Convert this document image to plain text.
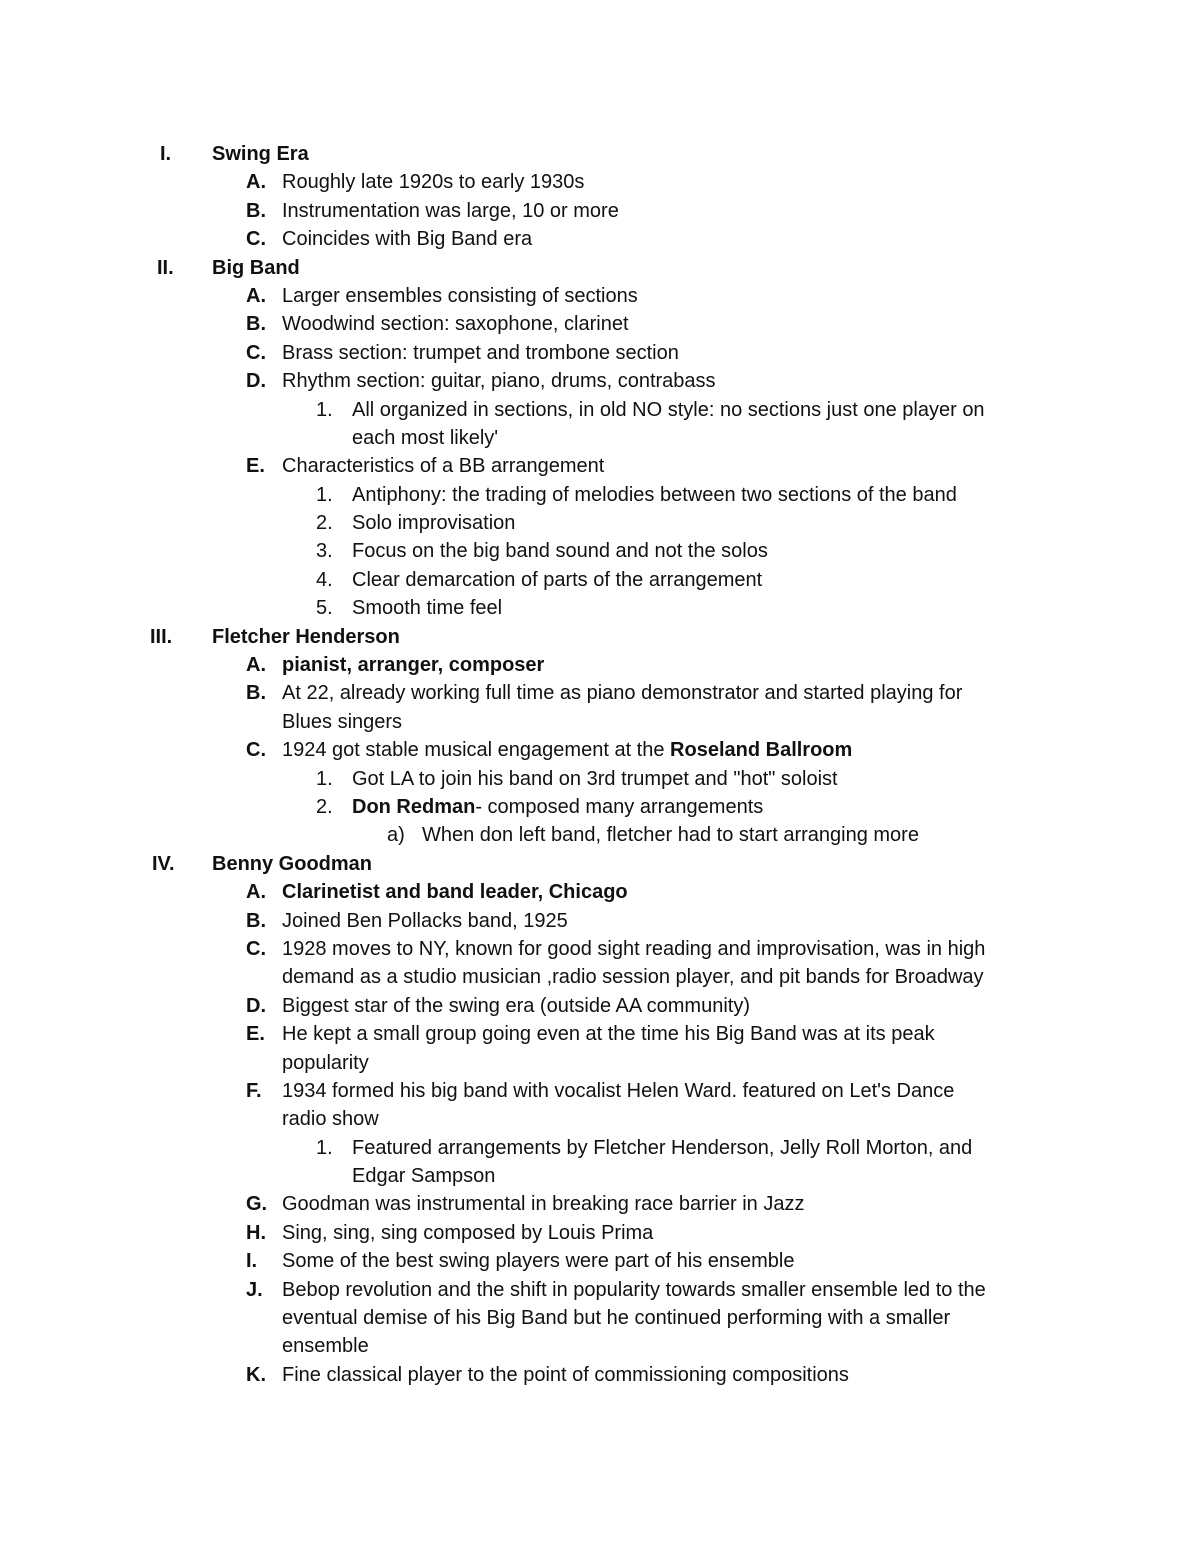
I. Swing Era
A. Roughly late 1920s to early 1930s
B. Instrumentation was large, 10 or more
C. Coincides with Big Band era
II. Big Band
A. Larger ensembles consisting of sections
B. Woodwind section: saxophone, clarinet
C. Brass section: trumpet and trombone section
D. Rhythm section: guitar, piano, drums, contrabass
1. All organized in sections, in old NO style: no sections just one player on
each most likely'
E. Characteristics of a BB arrangement
1. Antiphony: the trading of melodies between two sections of the band
2. Solo improvisation
3. Focus on the big band sound and not the solos
4. Clear demarcation of parts of the arrangement
5. Smooth time feel
III. Fletcher Henderson
A. pianist, arranger, composer
B. At 22, already working full time as piano demonstrator and started playing for
Blues singers
C. 1924 got stable musical engagement at the Roseland Ballroom
1. Got LA to join his band on 3rd trumpet and "hot" soloist
2. Don Redman- composed many arrangements
a) When don left band, fletcher had to start arranging more
IV. Benny Goodman
A. Clarinetist and band leader, Chicago
B. Joined Ben Pollacks band, 1925
C. 1928 moves to NY, known for good sight reading and improvisation, was in high
demand as a studio musician ,radio session player, and pit bands for Broadway
D. Biggest star of the swing era (outside AA community)
E. He kept a small group going even at the time his Big Band was at its peak
popularity
F. 1934 formed his big band with vocalist Helen Ward. featured on Let's Dance
radio show
1. Featured arrangements by Fletcher Henderson, Jelly Roll Morton, and
Edgar Sampson
G. Goodman was instrumental in breaking race barrier in Jazz
H. Sing, sing, sing composed by Louis Prima
I. Some of the best swing players were part of his ensemble
J. Bebop revolution and the shift in popularity towards smaller ensemble led to the
eventual demise of his Big Band but he continued performing with a smaller
ensemble
K. Fine classical player to the point of commissioning compositions
